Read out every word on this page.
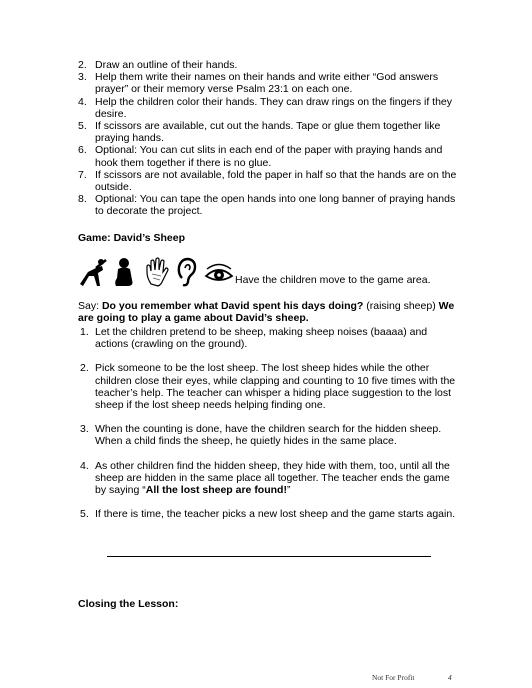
2. Draw an outline of their hands.
3. Help them write their names on their hands and write either “God answers prayer” or their memory verse Psalm 23:1 on each one.
4. Help the children color their hands. They can draw rings on the fingers if they desire.
5. If scissors are available, cut out the hands. Tape or glue them together like praying hands.
6. Optional: You can cut slits in each end of the paper with praying hands and hook them together if there is no glue.
7. If scissors are not available, fold the paper in half so that the hands are on the outside.
8. Optional: You can tape the open hands into one long banner of praying hands to decorate the project.
Game: David’s Sheep
Have the children move to the game area.
Say: Do you remember what David spent his days doing? (raising sheep) We are going to play a game about David’s sheep.
1. Let the children pretend to be sheep, making sheep noises (baaaa) and actions (crawling on the ground).
2. Pick someone to be the lost sheep. The lost sheep hides while the other children close their eyes, while clapping and counting to 10 five times with the teacher’s help. The teacher can whisper a hiding place suggestion to the lost sheep if the lost sheep needs helping finding one.
3. When the counting is done, have the children search for the hidden sheep. When a child finds the sheep, he quietly hides in the same place.
4. As other children find the hidden sheep, they hide with them, too, until all the sheep are hidden in the same place all together. The teacher ends the game by saying “All the lost sheep are found!”
5. If there is time, the teacher picks a new lost sheep and the game starts again.
Closing the Lesson:
Not For Profit	4
